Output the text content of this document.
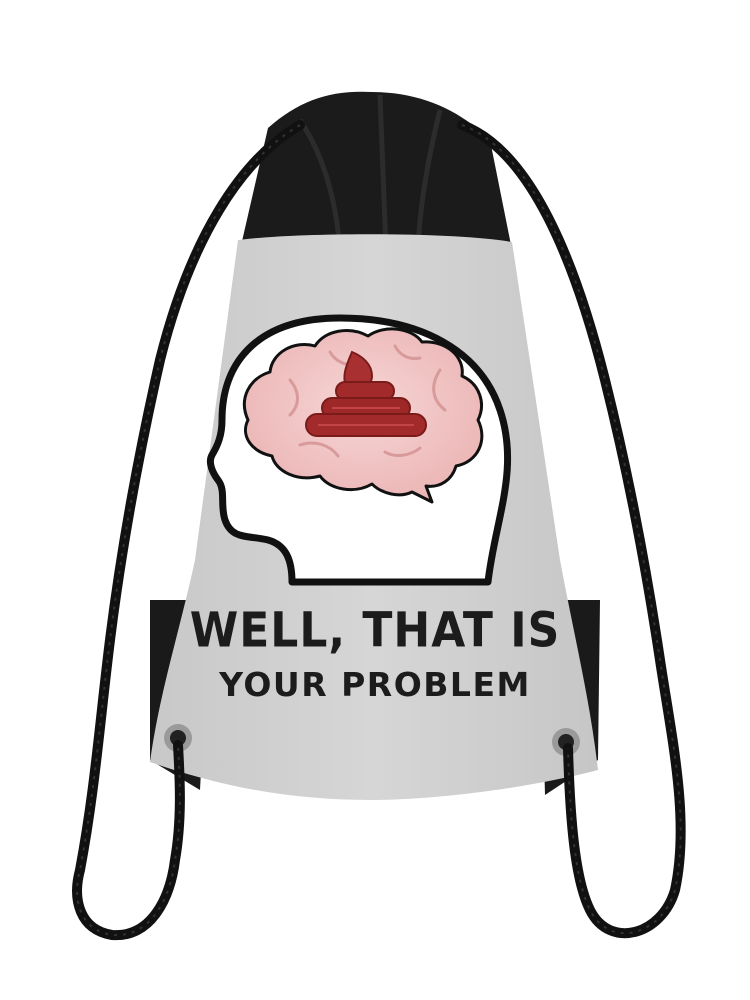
WELL, THAT IS
YOUR PROBLEM
